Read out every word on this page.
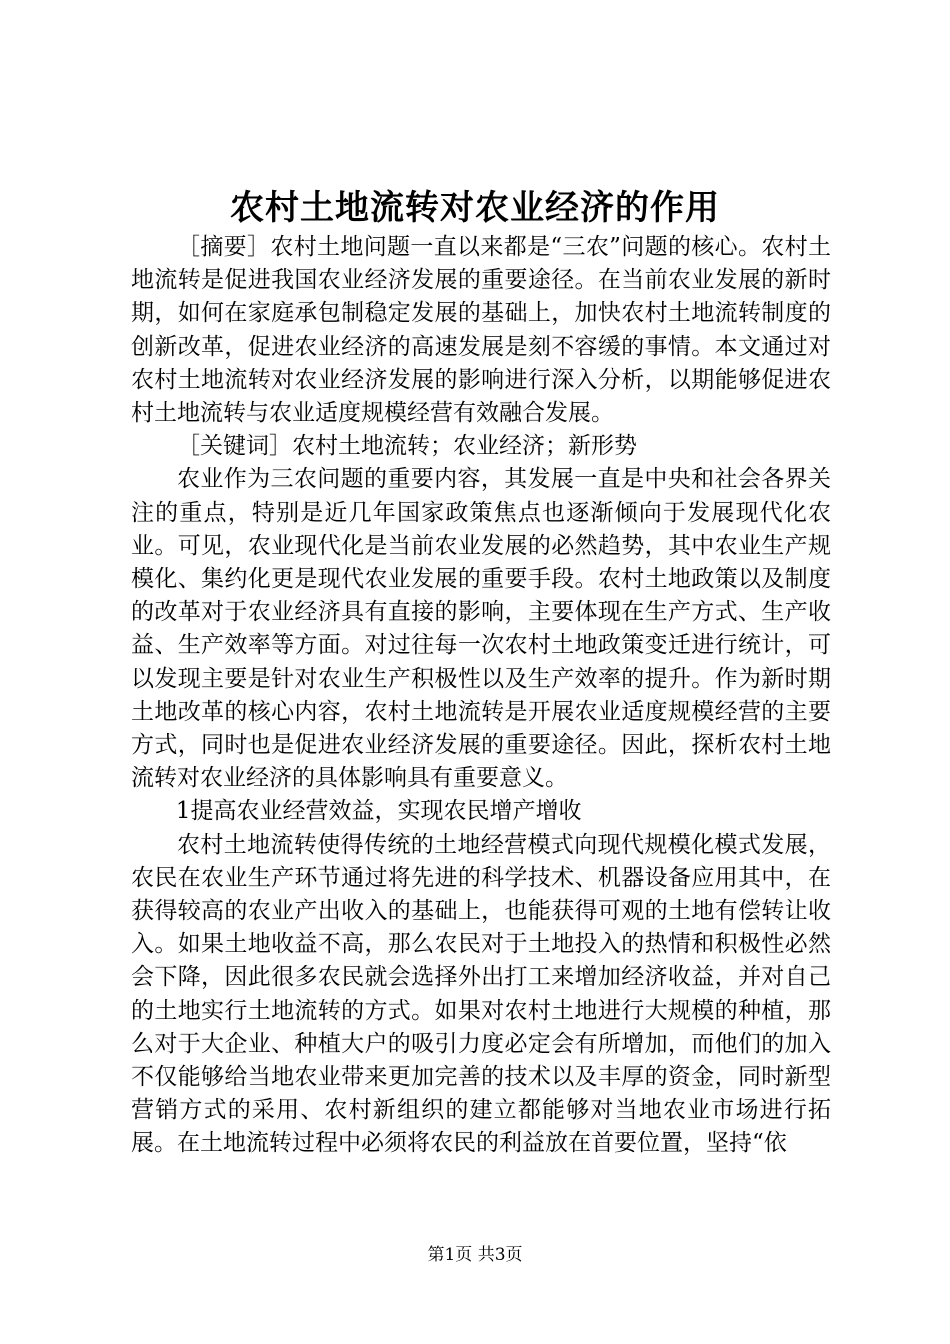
农村土地流转对农业经济的作用

［摘要］农村土地问题一直以来都是“三农”问题的核心。农村土地流转是促进我国农业经济发展的重要途径。在当前农业发展的新时期，如何在家庭承包制稳定发展的基础上，加快农村土地流转制度的创新改革，促进农业经济的高速发展是刻不容缓的事情。本文通过对农村土地流转对农业经济发展的影响进行深入分析，以期能够促进农村土地流转与农业适度规模经营有效融合发展。

［关键词］农村土地流转；农业经济；新形势

农业作为三农问题的重要内容，其发展一直是中央和社会各界关注的重点，特别是近几年国家政策焦点也逐渐倾向于发展现代化农业。可见，农业现代化是当前农业发展的必然趋势，其中农业生产规模化、集约化更是现代农业发展的重要手段。农村土地政策以及制度的改革对于农业经济具有直接的影响，主要体现在生产方式、生产收益、生产效率等方面。对过往每一次农村土地政策变迁进行统计，可以发现主要是针对农业生产积极性以及生产效率的提升。作为新时期土地改革的核心内容，农村土地流转是开展农业适度规模经营的主要方式，同时也是促进农业经济发展的重要途径。因此，探析农村土地流转对农业经济的具体影响具有重要意义。

1提高农业经营效益，实现农民增产增收

农村土地流转使得传统的土地经营模式向现代规模化模式发展，农民在农业生产环节通过将先进的科学技术、机器设备应用其中，在获得较高的农业产出收入的基础上，也能获得可观的土地有偿转让收入。如果土地收益不高，那么农民对于土地投入的热情和积极性必然会下降，因此很多农民就会选择外出打工来增加经济收益，并对自己的土地实行土地流转的方式。如果对农村土地进行大规模的种植，那么对于大企业、种植大户的吸引力度必定会有所增加，而他们的加入不仅能够给当地农业带来更加完善的技术以及丰厚的资金，同时新型营销方式的采用、农村新组织的建立都能够对当地农业市场进行拓展。在土地流转过程中必须将农民的利益放在首要位置，坚持“依

第1页 共3页
